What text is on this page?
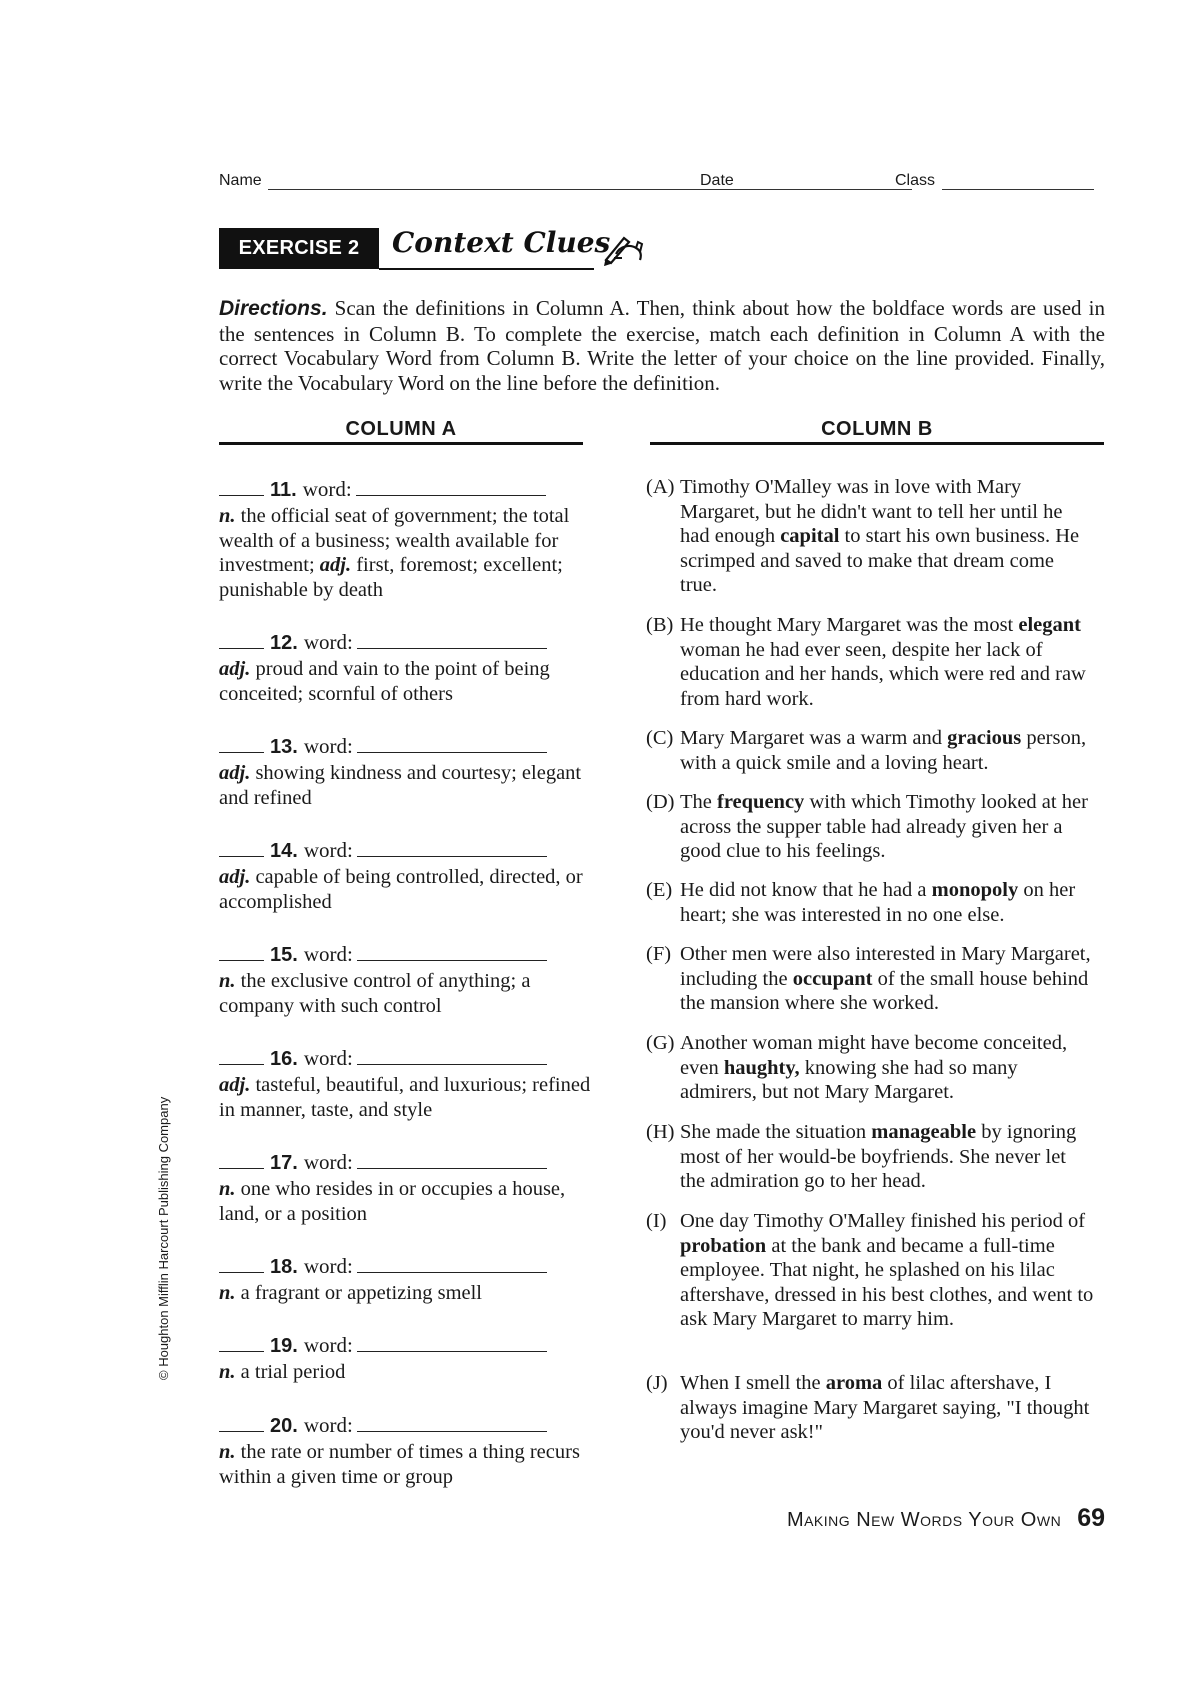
Name	Date	Class
EXERCISE 2	Context Clues
Directions. Scan the definitions in Column A. Then, think about how the boldface words are used in the sentences in Column B. To complete the exercise, match each definition in Column A with the correct Vocabulary Word from Column B. Write the letter of your choice on the line provided. Finally, write the Vocabulary Word on the line before the definition.
COLUMN A	COLUMN B
11. word:
n. the official seat of government; the total wealth of a business; wealth available for investment; adj. first, foremost; excellent; punishable by death
12. word:
adj. proud and vain to the point of being conceited; scornful of others
13. word:
adj. showing kindness and courtesy; elegant and refined
14. word:
adj. capable of being controlled, directed, or accomplished
15. word:
n. the exclusive control of anything; a company with such control
16. word:
adj. tasteful, beautiful, and luxurious; refined in manner, taste, and style
17. word:
n. one who resides in or occupies a house, land, or a position
18. word:
n. a fragrant or appetizing smell
19. word:
n. a trial period
20. word:
n. the rate or number of times a thing recurs within a given time or group
(A) Timothy O'Malley was in love with Mary Margaret, but he didn't want to tell her until he had enough capital to start his own business. He scrimped and saved to make that dream come true.
(B) He thought Mary Margaret was the most elegant woman he had ever seen, despite her lack of education and her hands, which were red and raw from hard work.
(C) Mary Margaret was a warm and gracious person, with a quick smile and a loving heart.
(D) The frequency with which Timothy looked at her across the supper table had already given her a good clue to his feelings.
(E) He did not know that he had a monopoly on her heart; she was interested in no one else.
(F) Other men were also interested in Mary Margaret, including the occupant of the small house behind the mansion where she worked.
(G) Another woman might have become conceited, even haughty, knowing she had so many admirers, but not Mary Margaret.
(H) She made the situation manageable by ignoring most of her would-be boyfriends. She never let the admiration go to her head.
(I) One day Timothy O'Malley finished his period of probation at the bank and became a full-time employee. That night, he splashed on his lilac aftershave, dressed in his best clothes, and went to ask Mary Margaret to marry him.
(J) When I smell the aroma of lilac aftershave, I always imagine Mary Margaret saying, "I thought you'd never ask!"
© Houghton Mifflin Harcourt Publishing Company
Making New Words Your Own 69
